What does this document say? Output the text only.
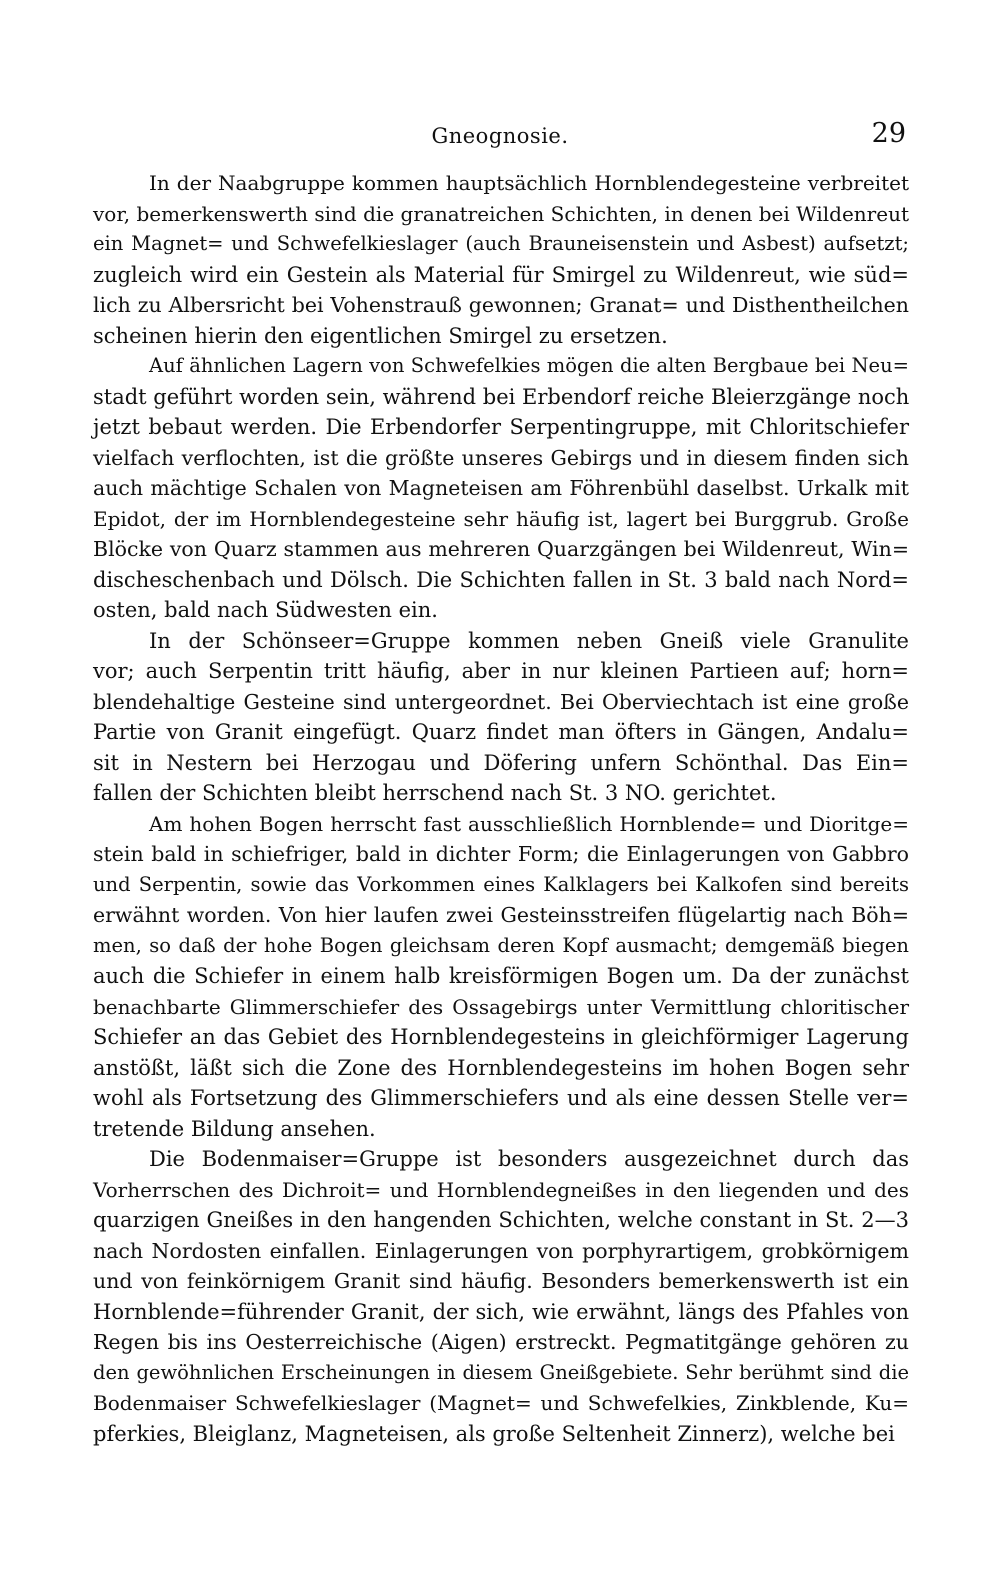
Gneognosie.	29
In der Naabgruppe kommen hauptsächlich Hornblendegesteine verbreitet
vor, bemerkenswerth sind die granatreichen Schichten, in denen bei Wildenreut
ein Magnet= und Schwefelkieslager (auch Brauneisenstein und Asbest) aufsetzt;
zugleich wird ein Gestein als Material für Smirgel zu Wildenreut, wie süd=
lich zu Albersricht bei Vohenstrauß gewonnen; Granat= und Disthentheilchen
scheinen hierin den eigentlichen Smirgel zu ersetzen.
Auf ähnlichen Lagern von Schwefelkies mögen die alten Bergbaue bei Neu=
stadt geführt worden sein, während bei Erbendorf reiche Bleierzgänge noch
jetzt bebaut werden. Die Erbendorfer Serpentingruppe, mit Chloritschiefer
vielfach verflochten, ist die größte unseres Gebirgs und in diesem finden sich
auch mächtige Schalen von Magneteisen am Föhrenbühl daselbst. Urkalk mit
Epidot, der im Hornblendegesteine sehr häufig ist, lagert bei Burggrub. Große
Blöcke von Quarz stammen aus mehreren Quarzgängen bei Wildenreut, Win=
discheschenbach und Dölsch. Die Schichten fallen in St. 3 bald nach Nord=
osten, bald nach Südwesten ein.
In der Schönseer=Gruppe kommen neben Gneiß viele Granulite
vor; auch Serpentin tritt häufig, aber in nur kleinen Partieen auf; horn=
blendehaltige Gesteine sind untergeordnet. Bei Oberviechtach ist eine große
Partie von Granit eingefügt. Quarz findet man öfters in Gängen, Andalu=
sit in Nestern bei Herzogau und Döfering unfern Schönthal. Das Ein=
fallen der Schichten bleibt herrschend nach St. 3 NO. gerichtet.
Am hohen Bogen herrscht fast ausschließlich Hornblende= und Dioritge=
stein bald in schiefriger, bald in dichter Form; die Einlagerungen von Gabbro
und Serpentin, sowie das Vorkommen eines Kalklagers bei Kalkofen sind bereits
erwähnt worden. Von hier laufen zwei Gesteinsstreifen flügelartig nach Böh=
men, so daß der hohe Bogen gleichsam deren Kopf ausmacht; demgemäß biegen
auch die Schiefer in einem halb kreisförmigen Bogen um. Da der zunächst
benachbarte Glimmerschiefer des Ossagebirgs unter Vermittlung chloritischer
Schiefer an das Gebiet des Hornblendegesteins in gleichförmiger Lagerung
anstößt, läßt sich die Zone des Hornblendegesteins im hohen Bogen sehr
wohl als Fortsetzung des Glimmerschiefers und als eine dessen Stelle ver=
tretende Bildung ansehen.
Die Bodenmaiser=Gruppe ist besonders ausgezeichnet durch das
Vorherrschen des Dichroit= und Hornblendegneißes in den liegenden und des
quarzigen Gneißes in den hangenden Schichten, welche constant in St. 2—3
nach Nordosten einfallen. Einlagerungen von porphyrartigem, grobkörnigem
und von feinkörnigem Granit sind häufig. Besonders bemerkenswerth ist ein
Hornblende=führender Granit, der sich, wie erwähnt, längs des Pfahles von
Regen bis ins Oesterreichische (Aigen) erstreckt. Pegmatitgänge gehören zu
den gewöhnlichen Erscheinungen in diesem Gneißgebiete. Sehr berühmt sind die
Bodenmaiser Schwefelkieslager (Magnet= und Schwefelkies, Zinkblende, Ku=
pferkies, Bleiglanz, Magneteisen, als große Seltenheit Zinnerz), welche bei
